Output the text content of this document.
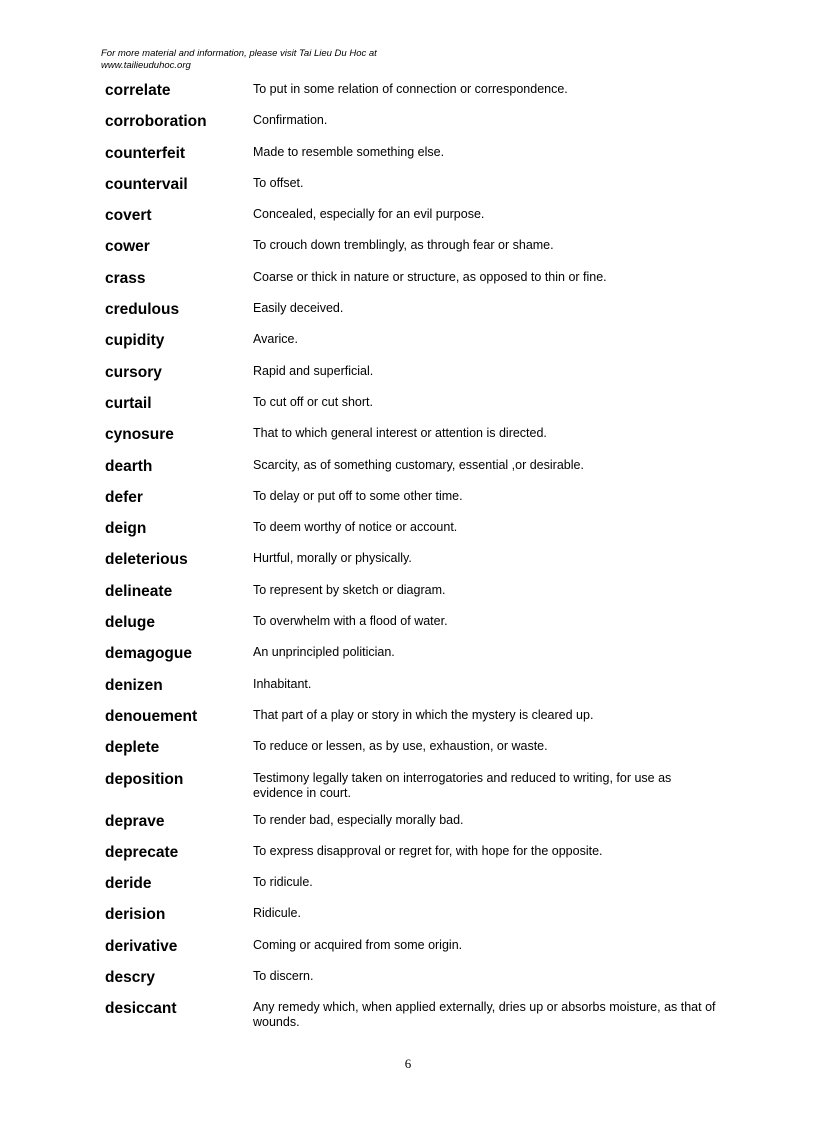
For more material and information, please visit Tai Lieu Du Hoc at
www.tailieuduhoc.org
correlate	To put in some relation of connection or correspondence.
corroboration	Confirmation.
counterfeit	Made to resemble something else.
countervail	To offset.
covert	Concealed, especially for an evil purpose.
cower	To crouch down tremblingly, as through fear or shame.
crass	Coarse or thick in nature or structure, as opposed to thin or fine.
credulous	Easily deceived.
cupidity	Avarice.
cursory	Rapid and superficial.
curtail	To cut off or cut short.
cynosure	That to which general interest or attention is directed.
dearth	Scarcity, as of something customary, essential ,or desirable.
defer	To delay or put off to some other time.
deign	To deem worthy of notice or account.
deleterious	Hurtful, morally or physically.
delineate	To represent by sketch or diagram.
deluge	To overwhelm with a flood of water.
demagogue	An unprincipled politician.
denizen	Inhabitant.
denouement	That part of a play or story in which the mystery is cleared up.
deplete	To reduce or lessen, as by use, exhaustion, or waste.
deposition	Testimony legally taken on interrogatories and reduced to writing, for use as evidence in court.
deprave	To render bad, especially morally bad.
deprecate	To express disapproval or regret for, with hope for the opposite.
deride	To ridicule.
derision	Ridicule.
derivative	Coming or acquired from some origin.
descry	To discern.
desiccant	Any remedy which, when applied externally, dries up or absorbs moisture, as that of wounds.
6
